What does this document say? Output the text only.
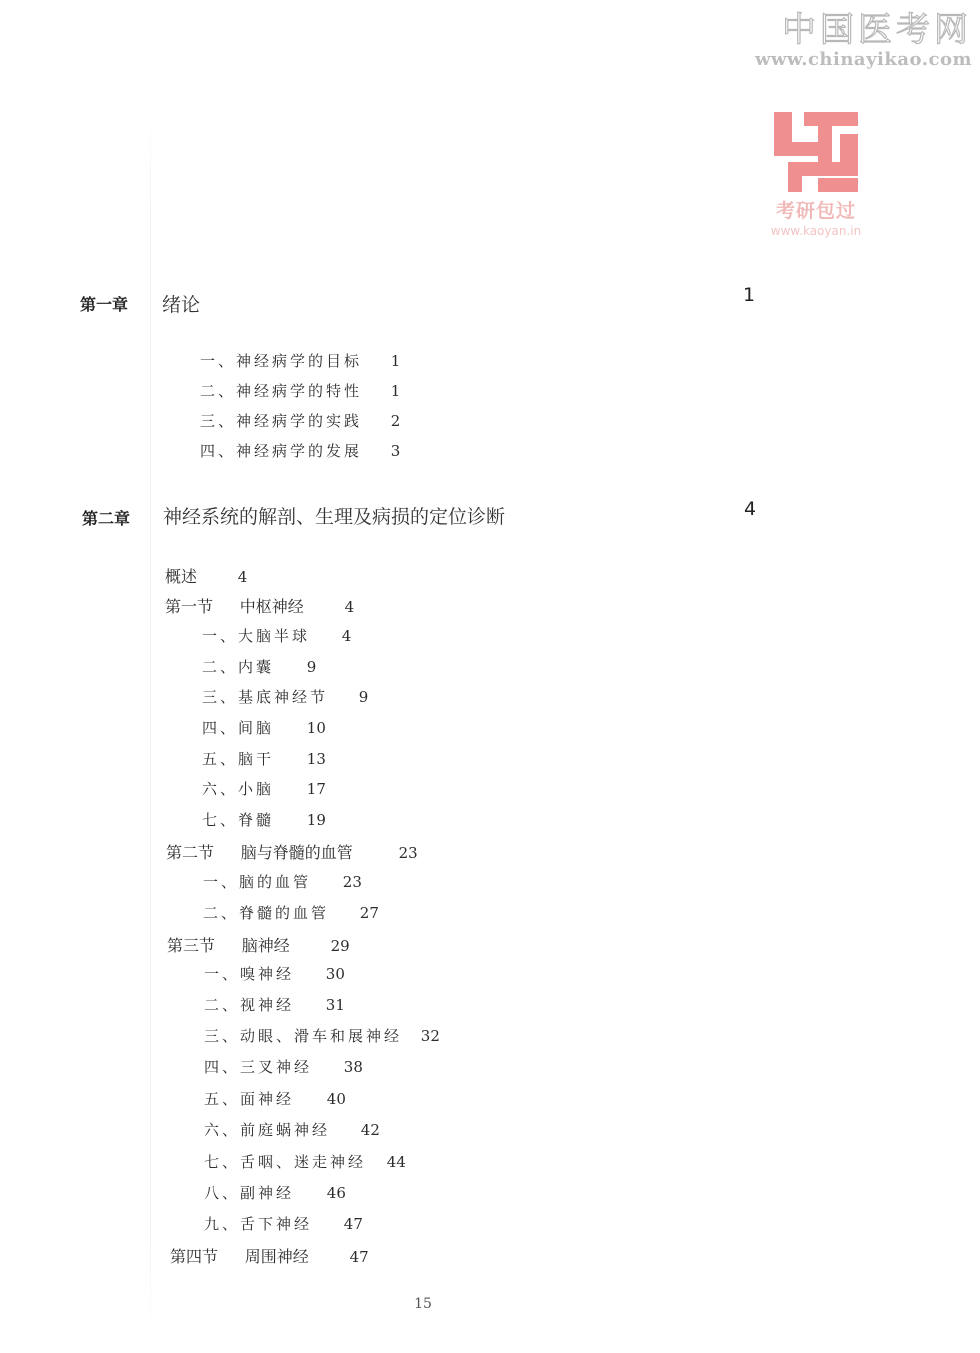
中国医考网
www.chinayikao.com
考研包过
www.kaoyan.in
第一章 绪论	1
一、神经病学的目标 1
二、神经病学的特性 1
三、神经病学的实践 2
四、神经病学的发展 3
第二章 神经系统的解剖、生理及病损的定位诊断	4
概述	4
第一节 中枢神经	4
一、大脑半球 4
二、内囊 9
三、基底神经节 9
四、间脑 10
五、脑干 13
六、小脑 17
七、脊髓 19
第二节 脑与脊髓的血管	23
一、脑的血管 23
二、脊髓的血管 27
第三节 脑神经	29
一、嗅神经 30
二、视神经 31
三、动眼、滑车和展神经 32
四、三叉神经 38
五、面神经 40
六、前庭蜗神经 42
七、舌咽、迷走神经 44
八、副神经 46
九、舌下神经 47
第四节 周围神经	47
15
